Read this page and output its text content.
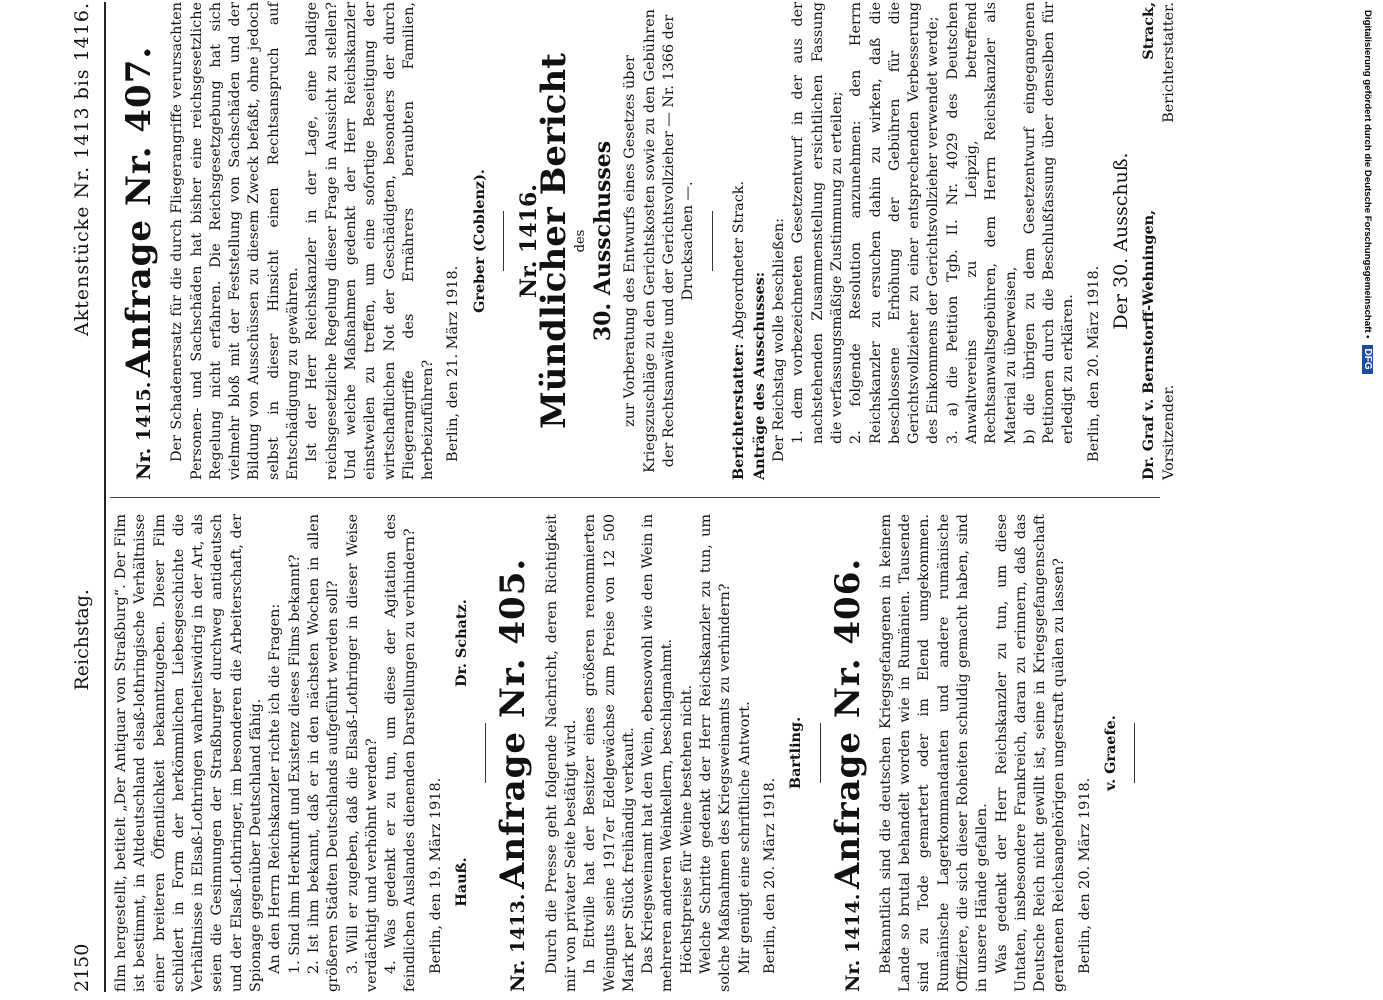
Digitalisierung gefördert durch die Deutsche Forschungsgemeinschaft •
DFG
2150
Reichstag.
Aktenstücke Nr. 1413 bis 1416.

film hergestellt, betitelt „Der Antiquar von Straßburg“. Der Film ist bestimmt, in Altdeutschland elsaß-lothringische Verhältnisse einer breiteren Öffentlichkeit bekanntzugeben. Dieser Film schildert in Form der herkömmlichen Liebesgeschichte die Verhältnisse in Elsaß-Lothringen wahrheitswidrig in der Art, als seien die Gesinnungen der Straßburger durchweg antideutsch und der Elsaß-Lothringer, im besonderen die Arbeiterschaft, der Spionage gegenüber Deutschland fähig. An den Herrn Reichskanzler richte ich die Fragen: 1. Sind ihm Herkunft und Existenz dieses Films bekannt? 2. Ist ihm bekannt, daß er in den nächsten Wochen in allen größeren Städten Deutschlands aufgeführt werden soll? 3. Will er zugeben, daß die Elsaß-Lothringer in dieser Weise verdächtigt und verhöhnt werden? 4. Was gedenkt er zu tun, um diese der Agitation des feindlichen Auslandes dienenden Darstellungen zu verhindern? Berlin, den 19. März 1918. Hauß.
Dr. Schatz.
Nr. 1413. Anfrage Nr. 405. Durch die Presse geht folgende Nachricht, deren Richtigkeit mir von privater Seite bestätigt wird. In Ettville hat der Besitzer eines größeren renommierten Weinguts seine 1917er Edelgewächse zum Preise von 12 500 Mark per Stück freihändig verkauft. Das Kriegsweinamt hat den Wein, ebensowohl wie den Wein in mehreren anderen Weinkellern, beschlagnahmt. Höchstpreise für Weine bestehen nicht. Welche Schritte gedenkt der Herr Reichskanzler zu tun, um solche Maßnahmen des Kriegsweinamts zu verhindern? Mir genügt eine schriftliche Antwort. Berlin, den 20. März 1918.

Bartling.
Nr. 1414. Anfrage Nr. 406. Bekanntlich sind die deutschen Kriegsgefangenen in keinem Lande so brutal behandelt worden wie in Rumänien. Tausende sind zu Tode gemartert oder im Elend umgekommen. Rumänische Lagerkommandanten und andere rumänische Offiziere, die sich dieser Roheiten schuldig gemacht haben, sind in unsere Hände gefallen. Was gedenkt der Herr Reichskanzler zu tun, um diese Untaten, insbesondere Frankreich, daran zu erinnern, daß das Deutsche Reich nicht gewillt ist, seine in Kriegsgefangenschaft geratenen Reichsangehörigen ungestraft quälen zu lassen? Berlin, den 20. März 1918.

v. Graefe.
Nr. 1415. Anfrage Nr. 407. Der Schadenersatz für die durch Fliegerangriffe verursachten Personen- und Sachschäden hat bisher eine reichsgesetzliche Regelung nicht erfahren. Die Reichsgesetzgebung hat sich vielmehr bloß mit der Feststellung von Sachschäden und der Bildung von Ausschüssen zu diesem Zweck befaßt, ohne jedoch selbst in dieser Hinsicht einen Rechtsanspruch auf Entschädigung zu gewähren. Ist der Herr Reichskanzler in der Lage, eine baldige reichsgesetzliche Regelung dieser Frage in Aussicht zu stellen? Und welche Maßnahmen gedenkt der Herr Reichskanzler einstweilen zu treffen, um eine sofortige Beseitigung der wirtschaftlichen Not der Geschädigten, besonders der durch Fliegerangriffe des Ernährers beraubten Familien, herbeizuführen? Berlin, den 21. März 1918.

Greber (Coblenz). Nr. 1416.
Mündlicher Bericht
des 30. Ausschusses zur Vorberatung des Entwurfs eines Gesetzes über Kriegszuschläge zu den Gerichtskosten sowie zu den Gebühren der Rechtsanwälte und der Gerichtsvollzieher — Nr. 1366 der Drucksachen —.

Berichterstatter: Abgeordneter Strack.

Anträge des Ausschusses: Der Reichstag wolle beschließen: 1. dem vorbezeichneten Gesetzentwurf in der aus der nachstehenden Zusammenstellung ersichtlichen Fassung die verfassungsmäßige Zustimmung zu erteilen; 2. folgende Resolution anzunehmen: den Herrn Reichskanzler zu ersuchen dahin zu wirken, daß die beschlossene Erhöhung der Gebühren für die Gerichtsvollzieher zu einer entsprechenden Verbesserung des Einkommens der Gerichtsvollzieher verwendet werde; 3. a) die Petition Tgb. II. Nr. 4029 des Deutschen Anwaltvereins zu Leipzig, betreffend Rechtsanwaltsgebühren, dem Herrn Reichskanzler als Material zu überweisen, b) die übrigen zu dem Gesetzentwurf eingegangenen Petitionen durch die Beschlußfassung über denselben für erledigt zu erklären. Berlin, den 20. März 1918.

Der 30. Ausschuß. Dr. Graf v. Bernstorff-Wehningen, Vorsitzender.
Strack, Berichterstatter.
